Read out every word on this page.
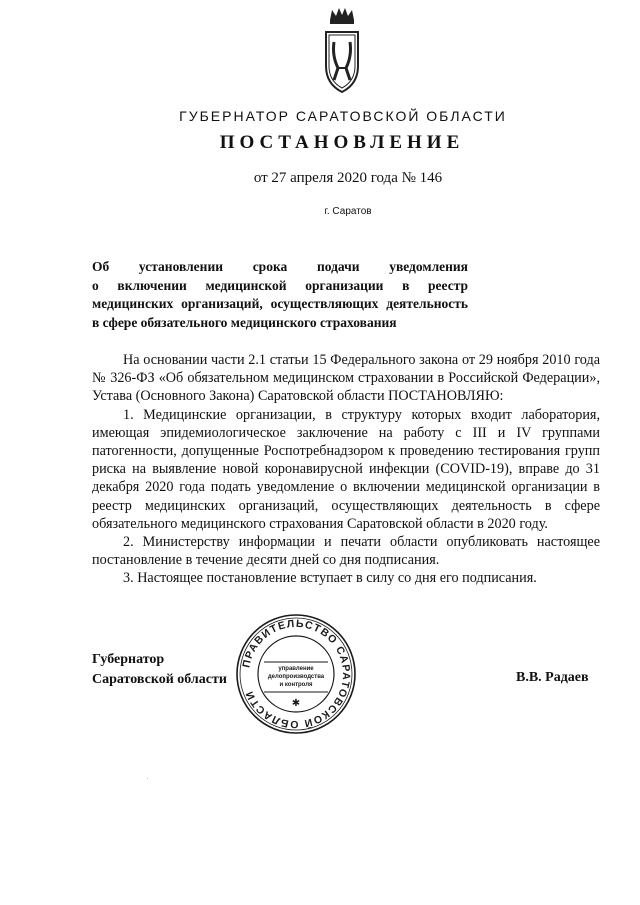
ГУБЕРНАТОР САРАТОВСКОЙ ОБЛАСТИ
ПОСТАНОВЛЕНИЕ
от 27 апреля 2020 года № 146
г. Саратов
Об установлении срока подачи уведомления
о включении медицинской организации в реестр
медицинских организаций, осуществляющих деятельность
в сфере обязательного медицинского страхования

На основании части 2.1 статьи 15 Федерального закона от 29 ноября 2010 года № 326-ФЗ «Об обязательном медицинском страховании в Российской Федерации», Устава (Основного Закона) Саратовской области ПОСТАНОВЛЯЮ:

1. Медицинские организации, в структуру которых входит лаборатория, имеющая эпидемиологическое заключение на работу с III и IV группами патогенности, допущенные Роспотребнадзором к проведению тестирования групп риска на выявление новой коронавирусной инфекции (COVID-19), вправе до 31 декабря 2020 года подать уведомление о включении медицинской организации в реестр медицинских организаций, осуществляющих деятельность в сфере обязательного медицинского страхования Саратовской области в 2020 году.

2. Министерству информации и печати области опубликовать настоящее постановление в течение десяти дней со дня подписания.

3. Настоящее постановление вступает в силу со дня его подписания.

Губернатор
Саратовской области	В.В. Радаев
ПРАВИТЕЛЬСТВО САРАТОВСКОЙ ОБЛАСТИ
управление
делопроизводства
и контроля
✱
